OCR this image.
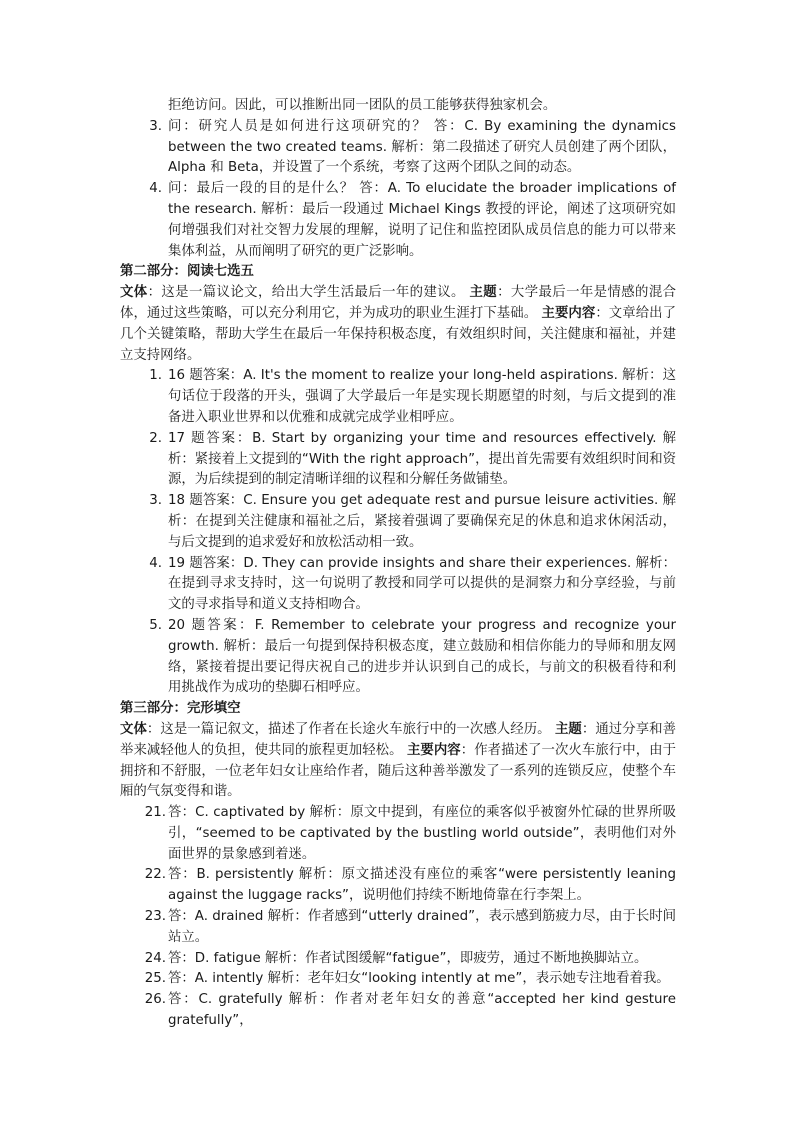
拒绝访问。因此，可以推断出同一团队的员工能够获得独家机会。

3. 问：研究人员是如何进行这项研究的？ 答：C. By examining the dynamics between the two created teams. 解析：第二段描述了研究人员创建了两个团队，Alpha 和 Beta，并设置了一个系统，考察了这两个团队之间的动态。
4. 问：最后一段的目的是什么？ 答：A. To elucidate the broader implications of the research. 解析：最后一段通过 Michael Kings 教授的评论，阐述了这项研究如何增强我们对社交智力发展的理解，说明了记住和监控团队成员信息的能力可以带来集体利益，从而阐明了研究的更广泛影响。

第二部分：阅读七选五

文体：这是一篇议论文，给出大学生活最后一年的建议。 主题：大学最后一年是情感的混合体，通过这些策略，可以充分利用它，并为成功的职业生涯打下基础。 主要内容：文章给出了几个关键策略，帮助大学生在最后一年保持积极态度，有效组织时间，关注健康和福祉，并建立支持网络。

1. 16 题答案：A. It's the moment to realize your long-held aspirations. 解析：这句话位于段落的开头，强调了大学最后一年是实现长期愿望的时刻，与后文提到的准备进入职业世界和以优雅和成就完成学业相呼应。
2. 17 题答案：B. Start by organizing your time and resources effectively. 解析：紧接着上文提到的“With the right approach”，提出首先需要有效组织时间和资源，为后续提到的制定清晰详细的议程和分解任务做铺垫。
3. 18 题答案：C. Ensure you get adequate rest and pursue leisure activities. 解析：在提到关注健康和福祉之后，紧接着强调了要确保充足的休息和追求休闲活动，与后文提到的追求爱好和放松活动相一致。
4. 19 题答案：D. They can provide insights and share their experiences. 解析：在提到寻求支持时，这一句说明了教授和同学可以提供的是洞察力和分享经验，与前文的寻求指导和道义支持相吻合。
5. 20 题答案：F. Remember to celebrate your progress and recognize your growth. 解析：最后一句提到保持积极态度，建立鼓励和相信你能力的导师和朋友网络，紧接着提出要记得庆祝自己的进步并认识到自己的成长，与前文的积极看待和利用挑战作为成功的垫脚石相呼应。

第三部分：完形填空

文体：这是一篇记叙文，描述了作者在长途火车旅行中的一次感人经历。 主题：通过分享和善举来减轻他人的负担，使共同的旅程更加轻松。 主要内容：作者描述了一次火车旅行中，由于拥挤和不舒服，一位老年妇女让座给作者，随后这种善举激发了一系列的连锁反应，使整个车厢的气氛变得和谐。

21. 答：C. captivated by 解析：原文中提到，有座位的乘客似乎被窗外忙碌的世界所吸引，“seemed to be captivated by the bustling world outside”，表明他们对外面世界的景象感到着迷。
22. 答：B. persistently 解析：原文描述没有座位的乘客“were persistently leaning against the luggage racks”，说明他们持续不断地倚靠在行李架上。
23. 答：A. drained 解析：作者感到“utterly drained”，表示感到筋疲力尽，由于长时间站立。
24. 答：D. fatigue 解析：作者试图缓解“fatigue”，即疲劳，通过不断地换脚站立。
25. 答：A. intently 解析：老年妇女“looking intently at me”，表示她专注地看着我。
26. 答：C. gratefully 解析：作者对老年妇女的善意“accepted her kind gesture gratefully”，
